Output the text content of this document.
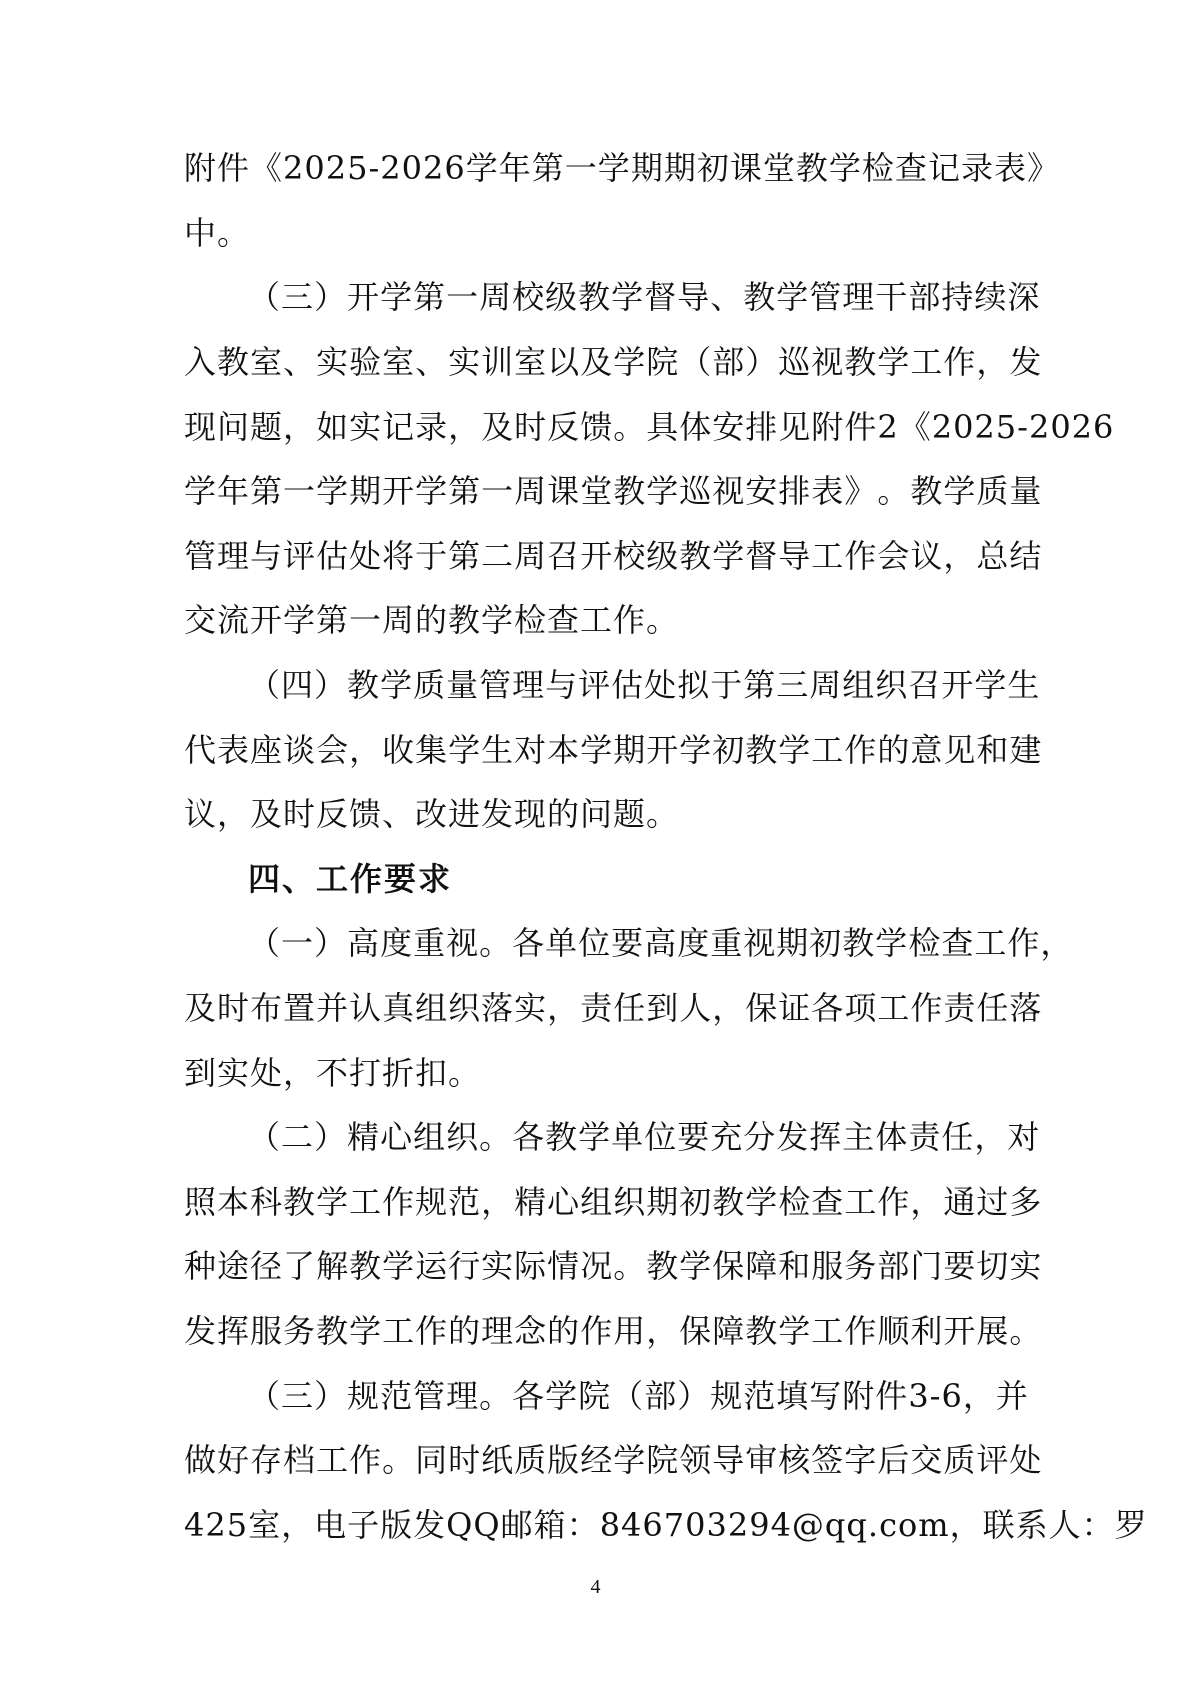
附 件 《 2025-2026 学 年 第 一 学 期 期 初 课 堂 教 学 检 查 记 录 表 》
中。
（ 三 ） 开 学 第 一 周 校 级 教 学 督 导 、 教 学 管 理 干 部 持 续 深
入 教 室 、 实 验 室 、 实 训 室 以 及 学 院 （ 部 ） 巡 视 教 学 工 作 ， 发
现 问 题 ， 如 实 记 录 ， 及 时 反 馈 。 具 体 安 排 见 附 件 2 《 2025-2026
学 年 第 一 学 期 开 学 第 一 周 课 堂 教 学 巡 视 安 排 表 》 。 教 学 质 量
管 理 与 评 估 处 将 于 第 二 周 召 开 校 级 教 学 督 导 工 作 会 议 ， 总 结
交流开学第一周的教学检查工作。
（ 四 ） 教 学 质 量 管 理 与 评 估 处 拟 于 第 三 周 组 织 召 开 学 生
代 表 座 谈 会 ， 收 集 学 生 对 本 学 期 开 学 初 教 学 工 作 的 意 见 和 建
议，及时反馈、改进发现的问题。
四、工作要求
（ 一 ） 高 度 重 视 。 各 单 位 要 高 度 重 视 期 初 教 学 检 查 工 作 ，
及 时 布 置 并 认 真 组 织 落 实 ， 责 任 到 人 ， 保 证 各 项 工 作 责 任 落
到实处，不打折扣。
（ 二 ） 精 心 组 织 。 各 教 学 单 位 要 充 分 发 挥 主 体 责 任 ， 对
照 本 科 教 学 工 作 规 范 ， 精 心 组 织 期 初 教 学 检 查 工 作 ， 通 过 多
种 途 径 了 解 教 学 运 行 实 际 情 况 。 教 学 保 障 和 服 务 部 门 要 切 实
发 挥 服 务 教 学 工 作 的 理 念 的 作 用 ， 保 障 教 学 工 作 顺 利 开 展 。
（ 三 ） 规 范 管 理 。 各 学 院 （ 部 ） 规 范 填 写 附 件 3-6 ， 并
做 好 存 档 工 作 。 同 时 纸 质 版 经 学 院 领 导 审 核 签 字 后 交 质 评 处
425 室 ， 电 子 版 发 QQ 邮 箱 ： 846703294@qq.com ， 联 系 人 ： 罗
4
